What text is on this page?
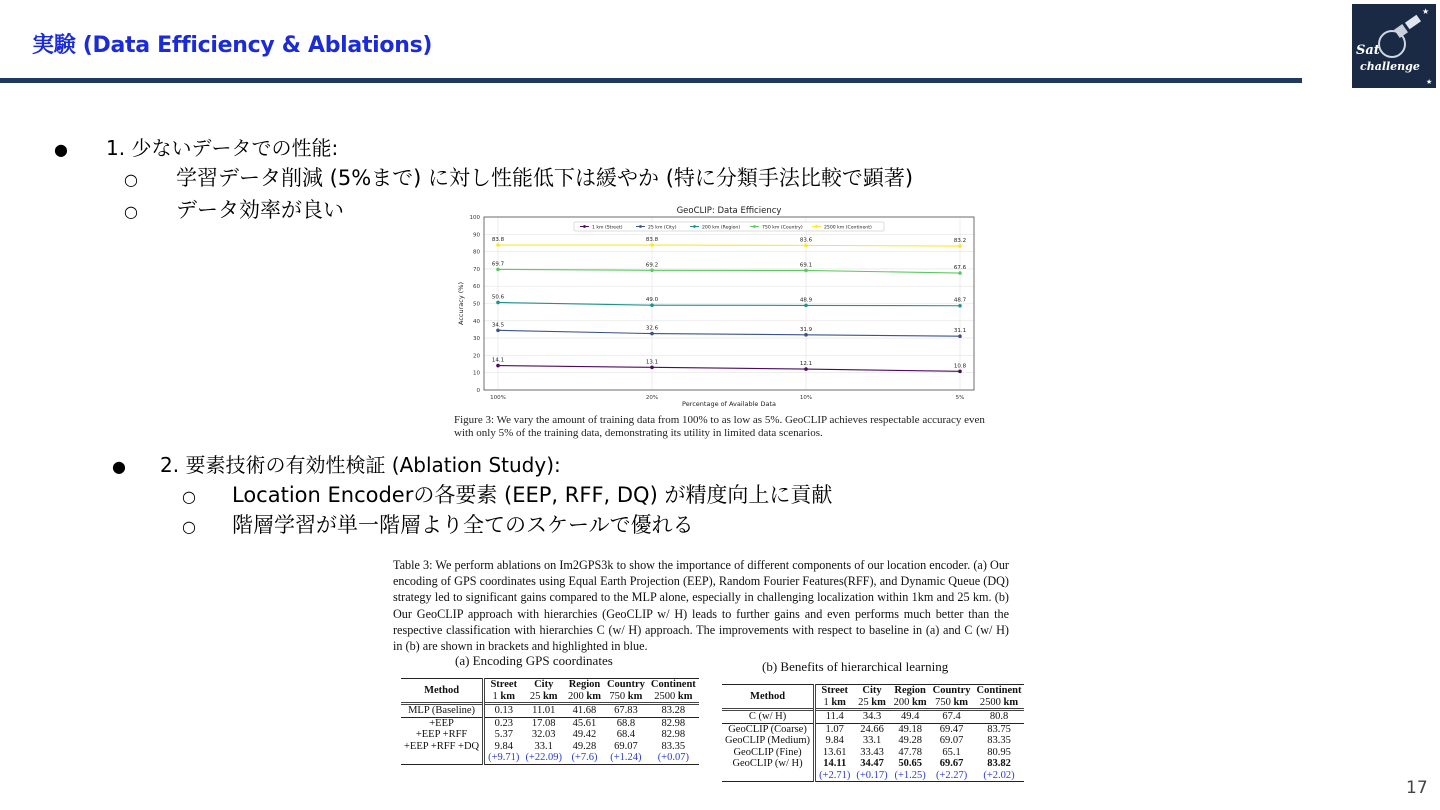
実験 (Data Efficiency & Ablations)	Sat
challenge
★
★
●	1. 少ないデータでの性能:
○	学習データ削減 (5%まで) に対し性能低下は緩やか (特に分類手法比較で顕著)
○	データ効率が良い	GeoCLIP: Data Efficiency
0
10
20
30
40
50
60
70
80
90
100
100%	20%	10%	5%
Percentage of Available Data
Accuracy (%)
14.1	13.1	12.1	10.8
34.5
32.6	31.9	31.1
50.6	49.0	48.9	48.7
69.7	69.2	69.1	67.6
83.8	83.8	83.6	83.2
1 km (Street)	25 km (City)	200 km (Region)	750 km (Country)	2500 km (Continent)
Figure 3: We vary the amount of training data from 100% to as low as 5%. GeoCLIP achieves respectable accuracy even with only 5% of the training data, demonstrating its utility in limited data scenarios.
●	2. 要素技術の有効性検証 (Ablation Study):
○	Location Encoderの各要素 (EEP, RFF, DQ) が精度向上に貢献
○	階層学習が単一階層より全てのスケールで優れる
Table 3: We perform ablations on Im2GPS3k to show the importance of different components of our location encoder. (a) Our encoding of GPS coordinates using Equal Earth Projection (EEP), Random Fourier Features(RFF), and Dynamic Queue (DQ) strategy led to significant gains compared to the MLP alone, especially in challenging localization within 1km and 25 km. (b) Our GeoCLIP approach with hierarchies (GeoCLIP w/ H) leads to further gains and even performs much better than the respective classification with hierarchies C (w/ H) approach. The improvements with respect to baseline in (a) and C (w/ H) in (b) are shown in brackets and highlighted in blue.
(a) Encoding GPS coordinates	(b) Benefits of hierarchical learning
Method	Street	City	Region	Country	Continent
	1 km	25 km	200 km	750 km	2500 km
MLP (Baseline)	0.13	11.01	41.68	67.83	83.28
+EEP	0.23	17.08	45.61	68.8	82.98
+EEP +RFF	5.37	32.03	49.42	68.4	82.98
+EEP +RFF +DQ	9.84	33.1	49.28	69.07	83.35
	(+9.71)	(+22.09)	(+7.6)	(+1.24)	(+0.07)
Method	Street	City	Region	Country	Continent
	1 km	25 km	200 km	750 km	2500 km
C (w/ H)	11.4	34.3	49.4	67.4	80.8
GeoCLIP (Coarse)	1.07	24.66	49.18	69.47	83.75
GeoCLIP (Medium)	9.84	33.1	49.28	69.07	83.35
GeoCLIP (Fine)	13.61	33.43	47.78	65.1	80.95
GeoCLIP (w/ H)	14.11	34.47	50.65	69.67	83.82
	(+2.71)	(+0.17)	(+1.25)	(+2.27)	(+2.02)
17
